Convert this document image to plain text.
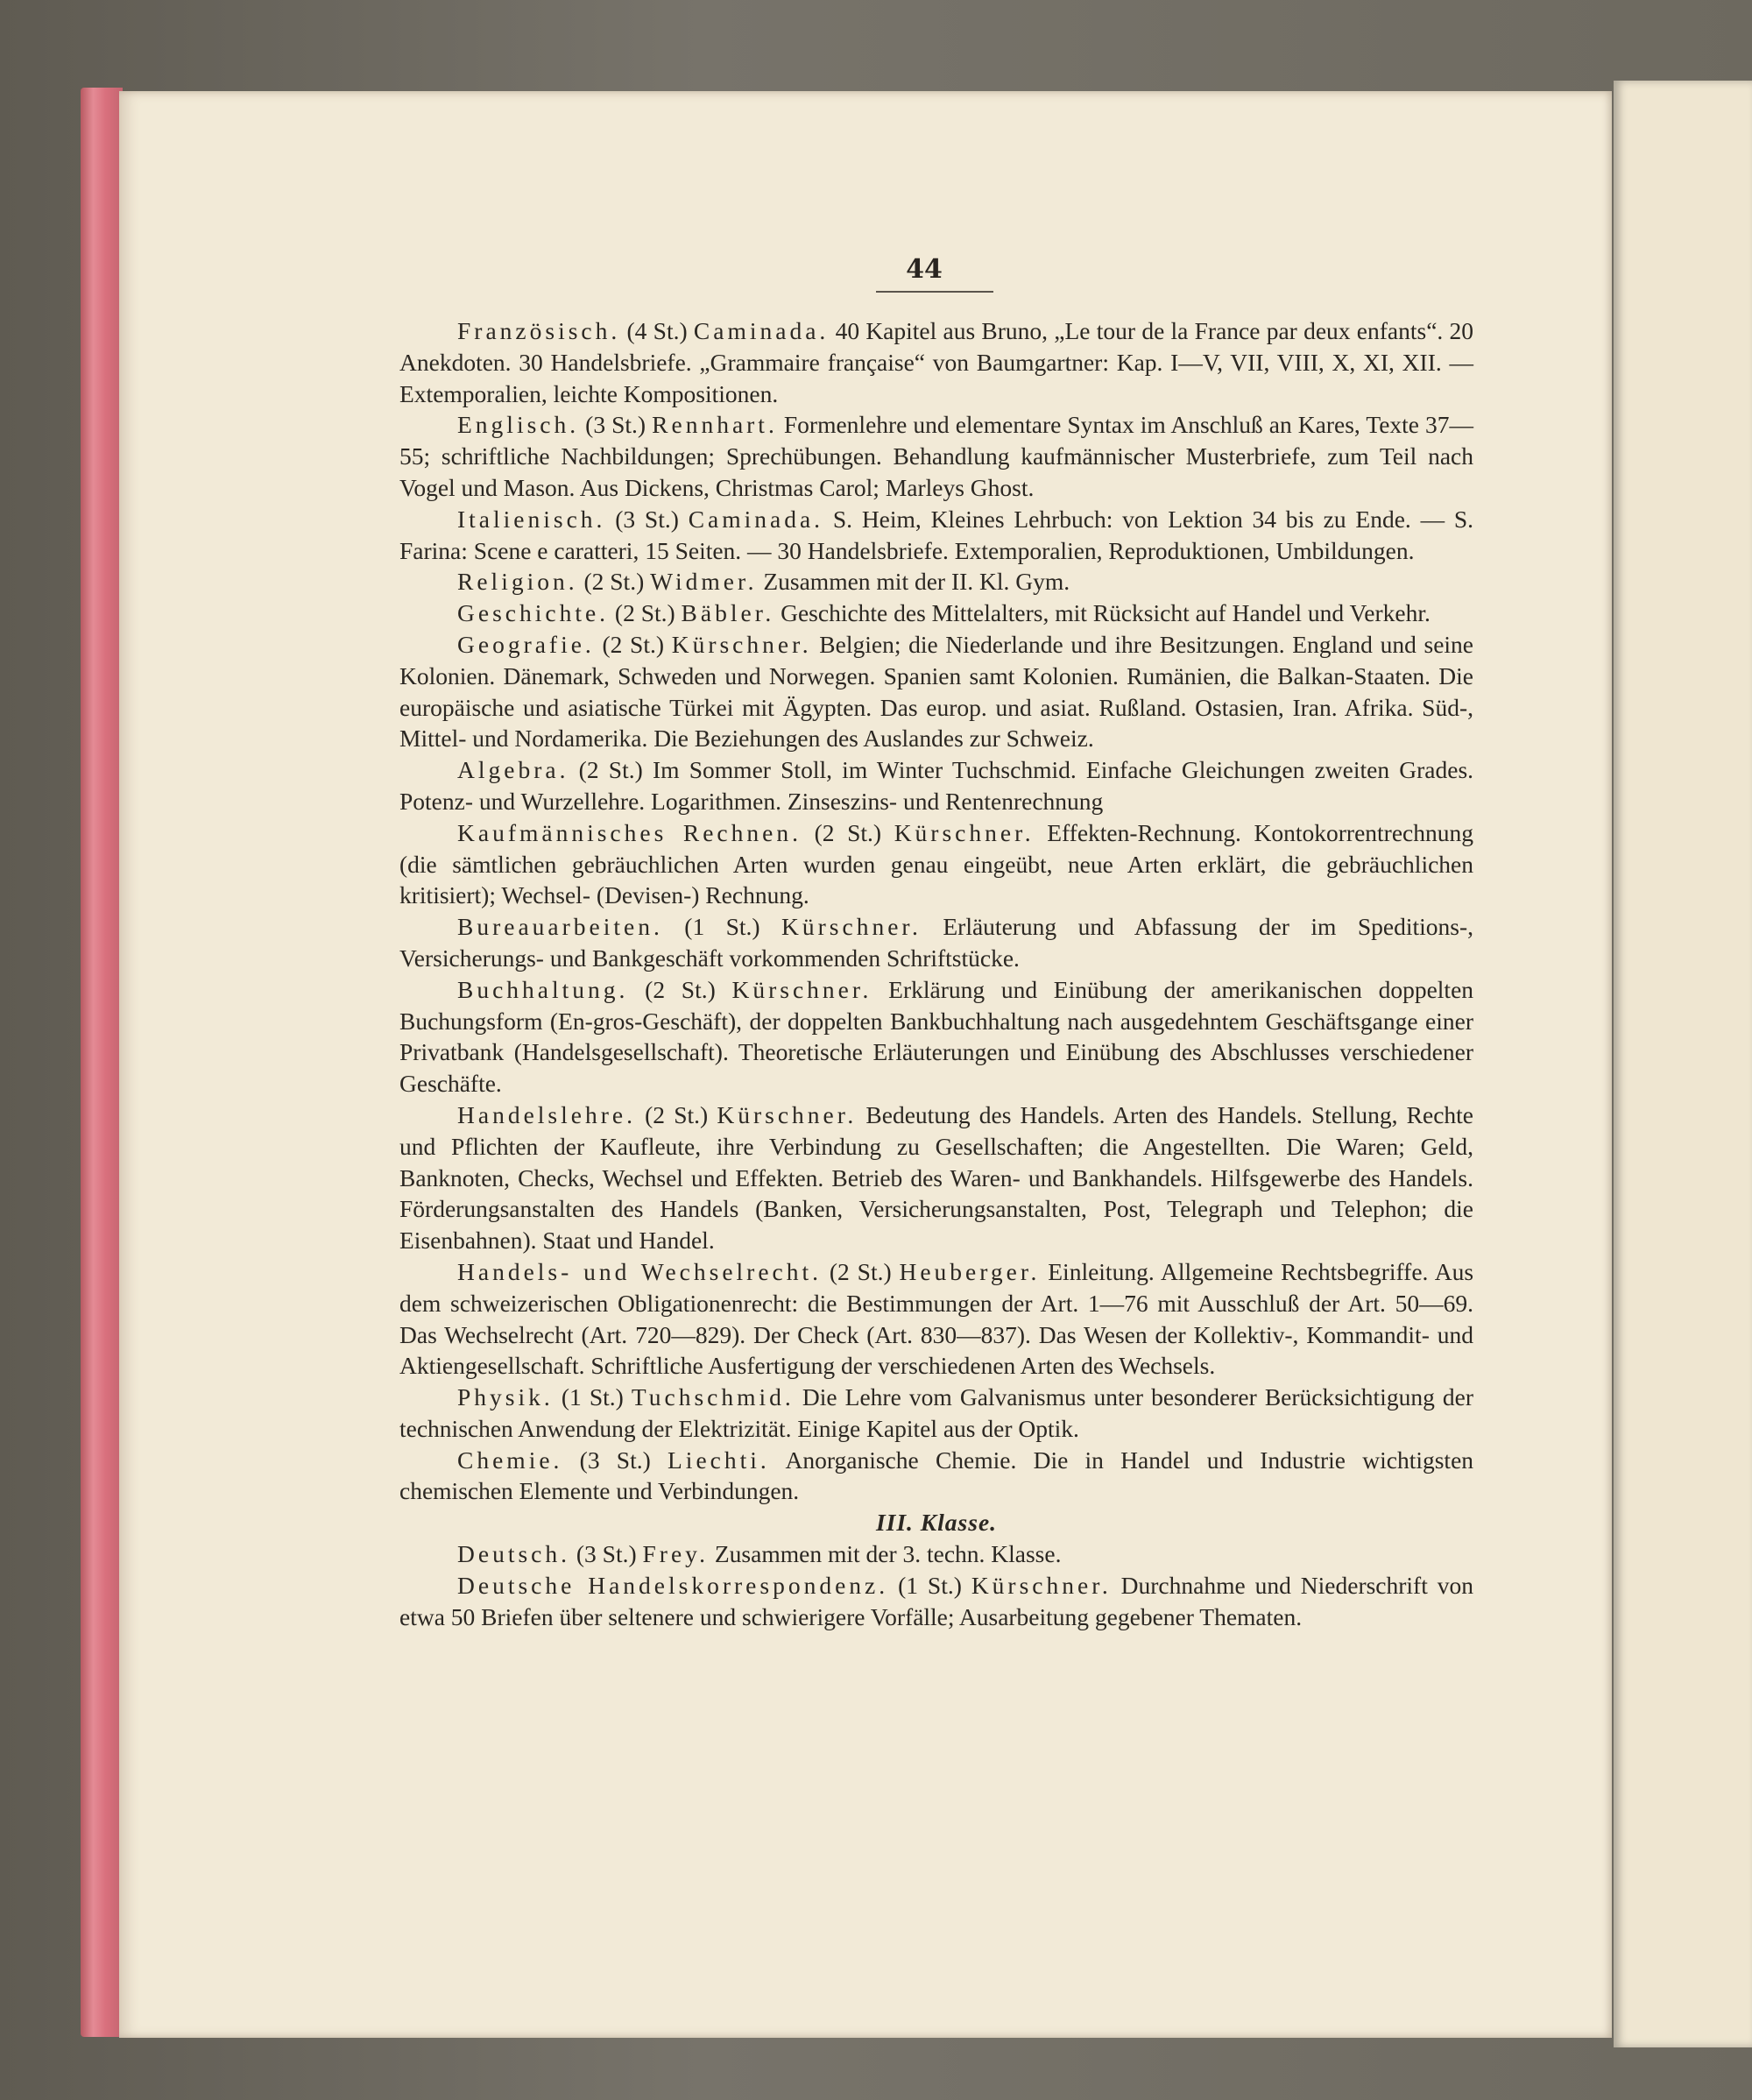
44

Französisch. (4 St.) Caminada. 40 Kapitel aus Bruno, „Le tour de la France par deux enfants“. 20 Anekdoten. 30 Handelsbriefe. „Grammaire française“ von Baumgartner: Kap. I—V, VII, VIII, X, XI, XII. — Extemporalien, leichte Kompositionen.

Englisch. (3 St.) Rennhart. Formenlehre und elementare Syntax im Anschluß an Kares, Texte 37—55; schriftliche Nachbildungen; Sprechübungen. Behandlung kaufmännischer Musterbriefe, zum Teil nach Vogel und Mason. Aus Dickens, Christmas Carol; Marleys Ghost.

Italienisch. (3 St.) Caminada. S. Heim, Kleines Lehrbuch: von Lektion 34 bis zu Ende. — S. Farina: Scene e caratteri, 15 Seiten. — 30 Handelsbriefe. Extemporalien, Reproduktionen, Umbildungen.

Religion. (2 St.) Widmer. Zusammen mit der II. Kl. Gym.

Geschichte. (2 St.) Bäbler. Geschichte des Mittelalters, mit Rücksicht auf Handel und Verkehr.

Geografie. (2 St.) Kürschner. Belgien; die Niederlande und ihre Besitzungen. England und seine Kolonien. Dänemark, Schweden und Norwegen. Spanien samt Kolonien. Rumänien, die Balkan-Staaten. Die europäische und asiatische Türkei mit Ägypten. Das europ. und asiat. Rußland. Ostasien, Iran. Afrika. Süd-, Mittel- und Nordamerika. Die Beziehungen des Auslandes zur Schweiz.

Algebra. (2 St.) Im Sommer Stoll, im Winter Tuchschmid. Einfache Gleichungen zweiten Grades. Potenz- und Wurzellehre. Logarithmen. Zinseszins- und Rentenrechnung

Kaufmännisches Rechnen. (2 St.) Kürschner. Effekten-Rechnung. Kontokorrentrechnung (die sämtlichen gebräuchlichen Arten wurden genau eingeübt, neue Arten erklärt, die gebräuchlichen kritisiert); Wechsel- (Devisen-) Rechnung.

Bureauarbeiten. (1 St.) Kürschner. Erläuterung und Abfassung der im Speditions-, Versicherungs- und Bankgeschäft vorkommenden Schriftstücke.

Buchhaltung. (2 St.) Kürschner. Erklärung und Einübung der amerikanischen doppelten Buchungsform (En-gros-Geschäft), der doppelten Bankbuchhaltung nach ausgedehntem Geschäftsgange einer Privatbank (Handelsgesellschaft). Theoretische Erläuterungen und Einübung des Abschlusses verschiedener Geschäfte.

Handelslehre. (2 St.) Kürschner. Bedeutung des Handels. Arten des Handels. Stellung, Rechte und Pflichten der Kaufleute, ihre Verbindung zu Gesellschaften; die Angestellten. Die Waren; Geld, Banknoten, Checks, Wechsel und Effekten. Betrieb des Waren- und Bankhandels. Hilfsgewerbe des Handels. Förderungsanstalten des Handels (Banken, Versicherungsanstalten, Post, Telegraph und Telephon; die Eisenbahnen). Staat und Handel.

Handels- und Wechselrecht. (2 St.) Heuberger. Einleitung. Allgemeine Rechtsbegriffe. Aus dem schweizerischen Obligationenrecht: die Bestimmungen der Art. 1—76 mit Ausschluß der Art. 50—69. Das Wechselrecht (Art. 720—829). Der Check (Art. 830—837). Das Wesen der Kollektiv-, Kommandit- und Aktiengesellschaft. Schriftliche Ausfertigung der verschiedenen Arten des Wechsels.

Physik. (1 St.) Tuchschmid. Die Lehre vom Galvanismus unter besonderer Berücksichtigung der technischen Anwendung der Elektrizität. Einige Kapitel aus der Optik.

Chemie. (3 St.) Liechti. Anorganische Chemie. Die in Handel und Industrie wichtigsten chemischen Elemente und Verbindungen.

III. Klasse.

Deutsch. (3 St.) Frey. Zusammen mit der 3. techn. Klasse.

Deutsche Handelskorrespondenz. (1 St.) Kürschner. Durchnahme und Niederschrift von etwa 50 Briefen über seltenere und schwierigere Vorfälle; Ausarbeitung gegebener Thematen.
